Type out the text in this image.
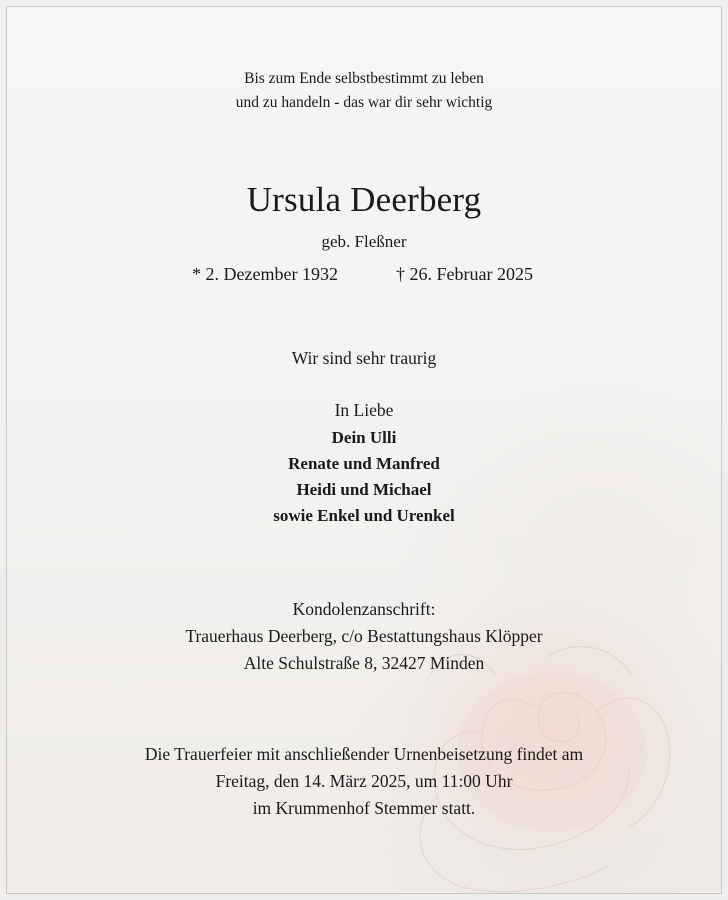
Bis zum Ende selbstbestimmt zu leben
und zu handeln - das war dir sehr wichtig
Ursula Deerberg
geb. Fleßner
* 2. Dezember 1932	† 26. Februar 2025
Wir sind sehr traurig
In Liebe
Dein Ulli
Renate und Manfred
Heidi und Michael
sowie Enkel und Urenkel
Kondolenzanschrift:
Trauerhaus Deerberg, c/o Bestattungshaus Klöpper
Alte Schulstraße 8, 32427 Minden
Die Trauerfeier mit anschließender Urnenbeisetzung findet am
Freitag, den 14. März 2025, um 11:00 Uhr
im Krummenhof Stemmer statt.
